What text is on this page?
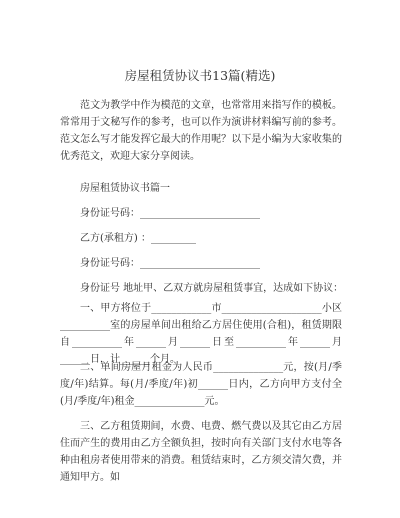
房屋租赁协议书13篇(精选)
范文为教学中作为模范的文章，也常常用来指写作的模板。常常用于文秘写作的参考，也可以作为演讲材料编写前的参考。范文怎么写才能发挥它最大的作用呢？以下是小编为大家收集的优秀范文，欢迎大家分享阅读。
房屋租赁协议书篇一
身份证号码：________________________
乙方(承租方) ：_________
身份证号码：________________________
身份证号 地址甲、乙双方就房屋租赁事宜，达成如下协议：
一、甲方将位于____________市____________________小区__________室的房屋单间出租给乙方居住使用(合租)，租赁期限自__________年______月______日至__________年______月______日，计______个月。
二、单间房屋月租金为人民币______________元，按(月/季度/年)结算。每(月/季度/年)初______日内，乙方向甲方支付全(月/季度/年)租金______________元。
三、乙方租赁期间，水费、电费、燃气费以及其它由乙方居住而产生的费用由乙方全额负担，按时向有关部门支付水电等各种由租房者使用带来的消费。租赁结束时，乙方须交清欠费，并通知甲方。如
